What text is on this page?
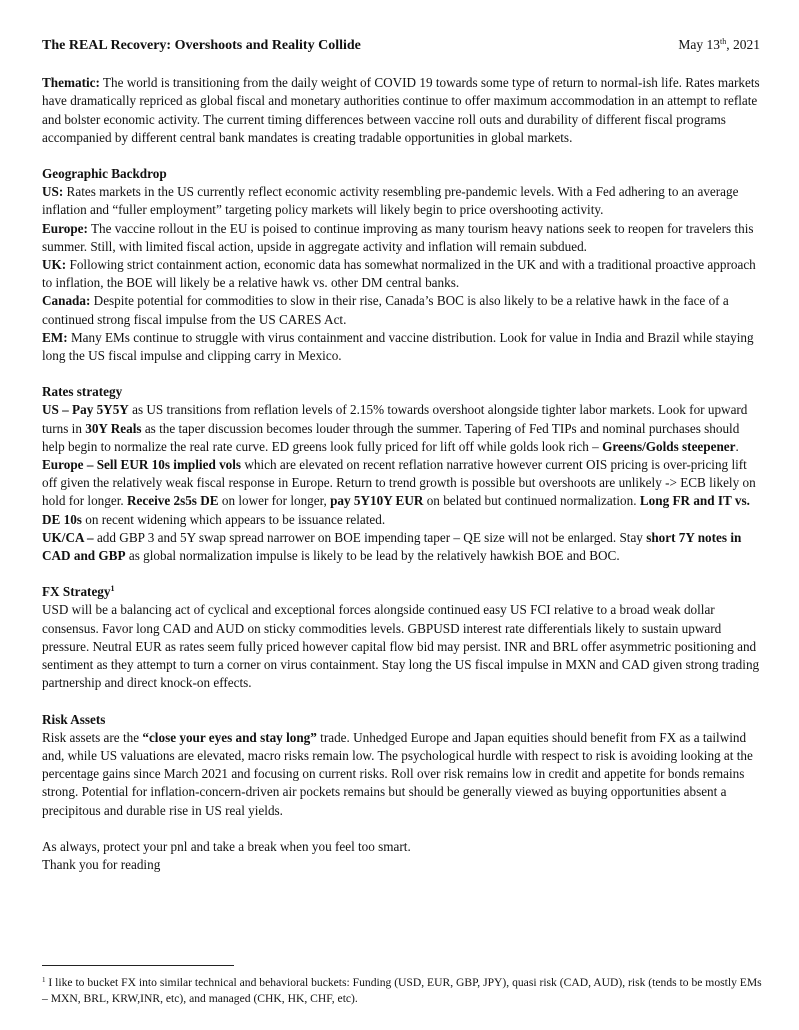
The REAL Recovery: Overshoots and Reality Collide	May 13th, 2021

Thematic: The world is transitioning from the daily weight of COVID 19 towards some type of return to normal-ish life. Rates markets have dramatically repriced as global fiscal and monetary authorities continue to offer maximum accommodation in an attempt to reflate and bolster economic activity. The current timing differences between vaccine roll outs and durability of different fiscal programs accompanied by different central bank mandates is creating tradable opportunities in global markets.

Geographic Backdrop

US: Rates markets in the US currently reflect economic activity resembling pre-pandemic levels. With a Fed adhering to an average inflation and “fuller employment” targeting policy markets will likely begin to price overshooting activity.

Europe: The vaccine rollout in the EU is poised to continue improving as many tourism heavy nations seek to reopen for travelers this summer. Still, with limited fiscal action, upside in aggregate activity and inflation will remain subdued.

UK: Following strict containment action, economic data has somewhat normalized in the UK and with a traditional proactive approach to inflation, the BOE will likely be a relative hawk vs. other DM central banks.

Canada: Despite potential for commodities to slow in their rise, Canada’s BOC is also likely to be a relative hawk in the face of a continued strong fiscal impulse from the US CARES Act.

EM: Many EMs continue to struggle with virus containment and vaccine distribution. Look for value in India and Brazil while staying long the US fiscal impulse and clipping carry in Mexico.

Rates strategy

US – Pay 5Y5Y as US transitions from reflation levels of 2.15% towards overshoot alongside tighter labor markets. Look for upward turns in 30Y Reals as the taper discussion becomes louder through the summer. Tapering of Fed TIPs and nominal purchases should help begin to normalize the real rate curve. ED greens look fully priced for lift off while golds look rich – Greens/Golds steepener.

Europe – Sell EUR 10s implied vols which are elevated on recent reflation narrative however current OIS pricing is over-pricing lift off given the relatively weak fiscal response in Europe. Return to trend growth is possible but overshoots are unlikely -> ECB likely on hold for longer. Receive 2s5s DE on lower for longer, pay 5Y10Y EUR on belated but continued normalization. Long FR and IT vs. DE 10s on recent widening which appears to be issuance related.

UK/CA – add GBP 3 and 5Y swap spread narrower on BOE impending taper – QE size will not be enlarged. Stay short 7Y notes in CAD and GBP as global normalization impulse is likely to be lead by the relatively hawkish BOE and BOC.

FX Strategy$^1$

USD will be a balancing act of cyclical and exceptional forces alongside continued easy US FCI relative to a broad weak dollar consensus. Favor long CAD and AUD on sticky commodities levels. GBPUSD interest rate differentials likely to sustain upward pressure. Neutral EUR as rates seem fully priced however capital flow bid may persist. INR and BRL offer asymmetric positioning and sentiment as they attempt to turn a corner on virus containment. Stay long the US fiscal impulse in MXN and CAD given strong trading partnership and direct knock-on effects.

Risk Assets

Risk assets are the “close your eyes and stay long” trade. Unhedged Europe and Japan equities should benefit from FX as a tailwind and, while US valuations are elevated, macro risks remain low. The psychological hurdle with respect to risk is avoiding looking at the percentage gains since March 2021 and focusing on current risks. Roll over risk remains low in credit and appetite for bonds remains strong. Potential for inflation-concern-driven air pockets remains but should be generally viewed as buying opportunities absent a precipitous and durable rise in US real yields.

As always, protect your pnl and take a break when you feel too smart.

Thank you for reading

$^1$ I like to bucket FX into similar technical and behavioral buckets: Funding (USD, EUR, GBP, JPY), quasi risk (CAD, AUD), risk (tends to be mostly EMs – MXN, BRL, KRW,INR, etc), and managed (CHK, HK, CHF, etc).
